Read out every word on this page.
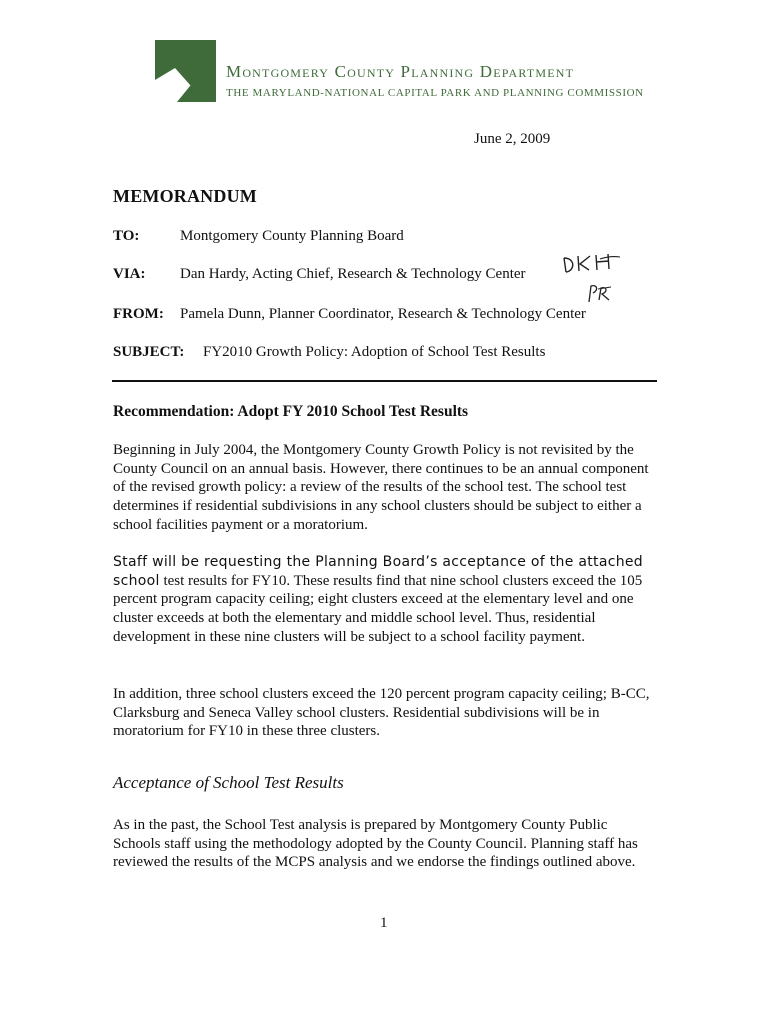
Montgomery County Planning Department
THE MARYLAND-NATIONAL CAPITAL PARK AND PLANNING COMMISSION
June 2, 2009
MEMORANDUM
TO:	Montgomery County Planning Board
VIA: Dan Hardy, Acting Chief, Research & Technology Center
FROM: Pamela Dunn, Planner Coordinator, Research & Technology Center
SUBJECT: FY2010 Growth Policy: Adoption of School Test Results
Recommendation: Adopt FY 2010 School Test Results
Beginning in July 2004, the Montgomery County Growth Policy is not revisited by the County Council on an annual basis. However, there continues to be an annual component of the revised growth policy: a review of the results of the school test. The school test determines if residential subdivisions in any school clusters should be subject to either a school facilities payment or a moratorium.
Staff will be requesting the Planning Board’s acceptance of the attached school test results for FY10. These results find that nine school clusters exceed the 105 percent program capacity ceiling; eight clusters exceed at the elementary level and one cluster exceeds at both the elementary and middle school level. Thus, residential development in these nine clusters will be subject to a school facility payment.
In addition, three school clusters exceed the 120 percent program capacity ceiling; B-CC, Clarksburg and Seneca Valley school clusters. Residential subdivisions will be in moratorium for FY10 in these three clusters.
Acceptance of School Test Results
As in the past, the School Test analysis is prepared by Montgomery County Public Schools staff using the methodology adopted by the County Council. Planning staff has reviewed the results of the MCPS analysis and we endorse the findings outlined above.
1
